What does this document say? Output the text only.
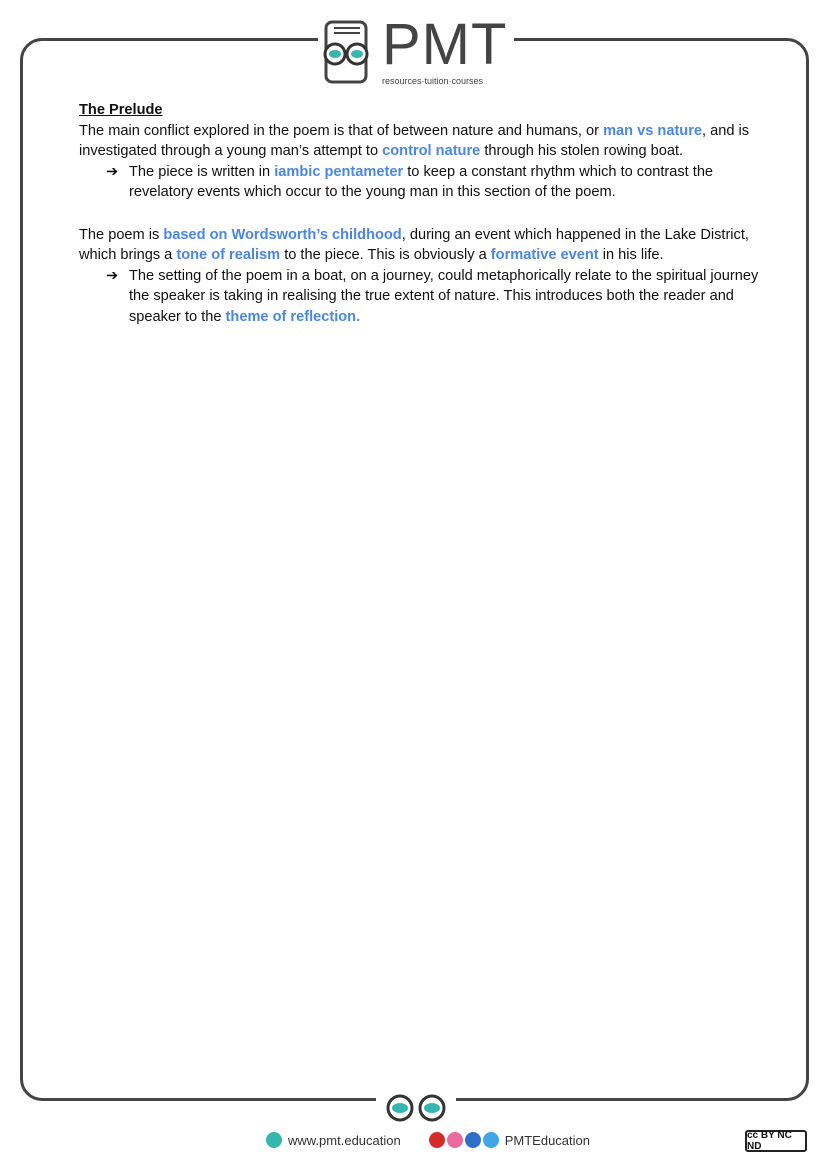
PMT
resources·tuition·courses
The Prelude

The main conflict explored in the poem is that of between nature and humans, or man vs nature, and is investigated through a young man’s attempt to control nature through his stolen rowing boat.

➔ The piece is written in iambic pentameter to keep a constant rhythm which to contrast the revelatory events which occur to the young man in this section of the poem.

The poem is based on Wordsworth’s childhood, during an event which happened in the Lake District, which brings a tone of realism to the piece. This is obviously a formative event in his life.

➔ The setting of the poem in a boat, on a journey, could metaphorically relate to the spiritual journey the speaker is taking in realising the true extent of nature. This introduces both the reader and speaker to the theme of reflection.

www.pmt.education	PMTEducation	cc BY NC ND
